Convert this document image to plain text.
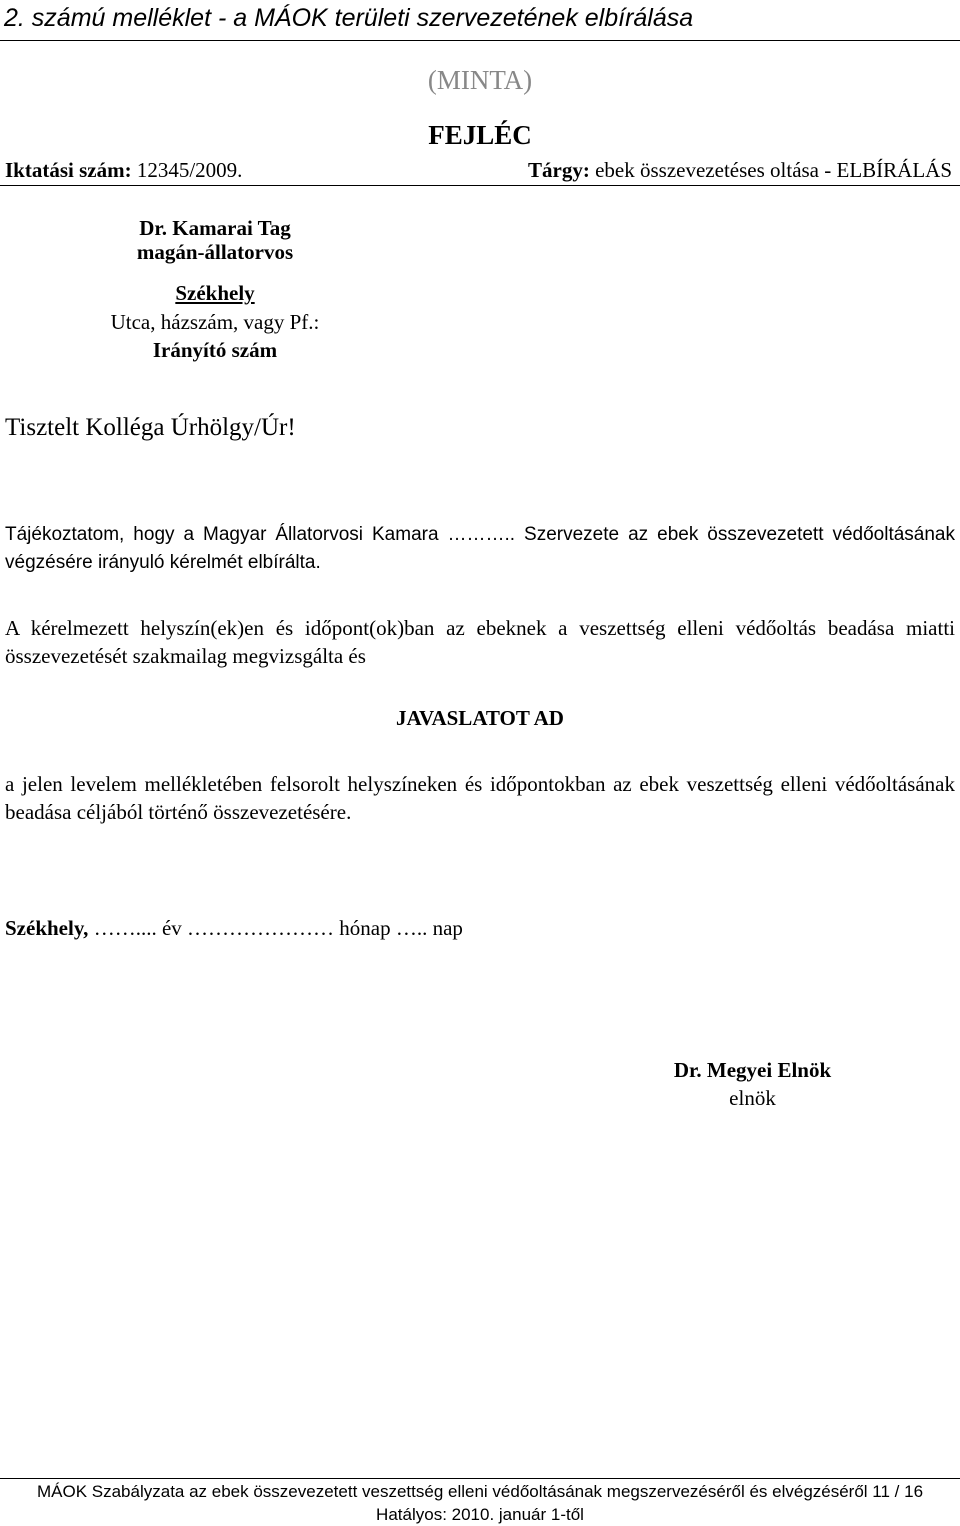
2. számú melléklet - a MÁOK területi szervezetének elbírálása
(MINTA)
FEJLÉC
Iktatási szám: 12345/2009.	Tárgy: ebek összevezetéses oltása - ELBÍRÁLÁS
Dr. Kamarai Tag
magán-állatorvos
Székhely
Utca, házszám, vagy Pf.:
Irányító szám
Tisztelt Kolléga Úrhölgy/Úr!
Tájékoztatom, hogy a Magyar Állatorvosi Kamara ……….. Szervezete az ebek összevezetett védőoltásának végzésére irányuló kérelmét elbírálta.
A kérelmezett helyszín(ek)en és időpont(ok)ban az ebeknek a veszettség elleni védőoltás beadása miatti összevezetését szakmailag megvizsgálta és
JAVASLATOT AD
a jelen levelem mellékletében felsorolt helyszíneken és időpontokban az ebek veszettség elleni védőoltásának beadása céljából történő összevezetésére.
Székhely, …….... év ………………… hónap ….. nap
Dr. Megyei Elnök
elnök
MÁOK Szabályzata az ebek összevezetett veszettség elleni védőoltásának megszervezéséről és elvégzéséről 11 / 16
Hatályos: 2010. január 1-től
